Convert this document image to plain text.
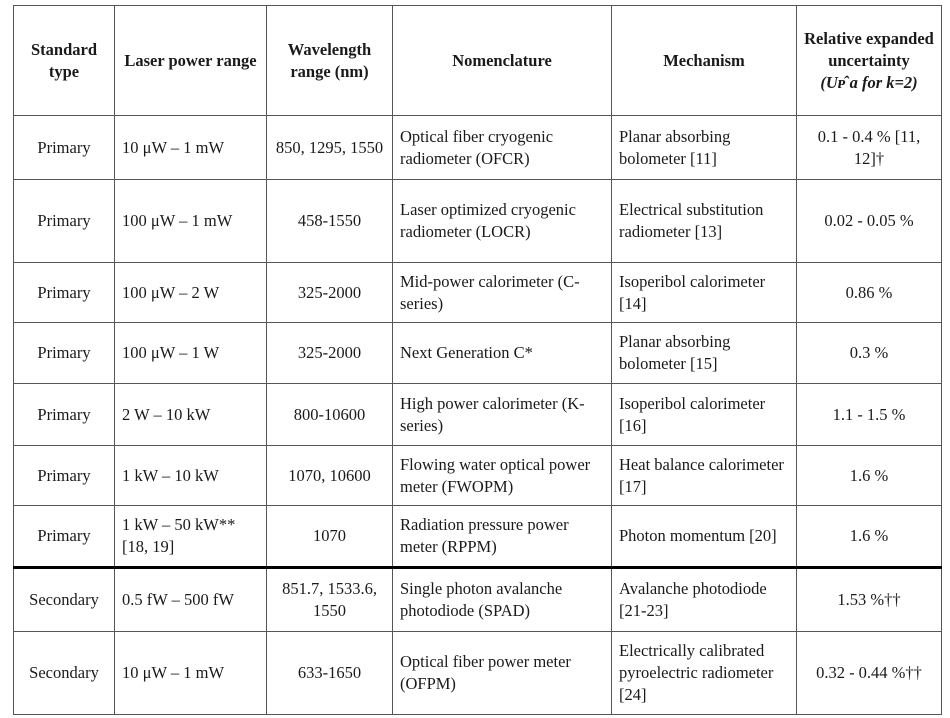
Standard type	Laser power range	Wavelength range (nm)	Nomenclature	Mechanism	Relative expanded uncertainty
(Uᴘ̂ a for k=2)

Primary	10 μW – 1 mW	850, 1295, 1550	Optical fiber cryogenic radiometer (OFCR)	Planar absorbing bolometer [11]	0.1 - 0.4 % [11, 12]†
Primary	100 μW – 1 mW	458-1550	Laser optimized cryogenic radiometer (LOCR)	Electrical substitution radiometer [13]	0.02 - 0.05 %
Primary	100 μW – 2 W	325-2000	Mid-power calorimeter (C-series)	Isoperibol calorimeter [14]	0.86 %
Primary	100 μW – 1 W	325-2000	Next Generation C*	Planar absorbing bolometer [15]	0.3 %
Primary	2 W – 10 kW	800-10600	High power calorimeter (K-series)	Isoperibol calorimeter [16]	1.1 - 1.5 %
Primary	1 kW – 10 kW	1070, 10600	Flowing water optical power meter (FWOPM)	Heat balance calorimeter [17]	1.6 %
Primary	1 kW – 50 kW** [18, 19]	1070	Radiation pressure power meter (RPPM)	Photon momentum [20]	1.6 %
Secondary	0.5 fW – 500 fW	851.7, 1533.6, 1550	Single photon avalanche photodiode (SPAD)	Avalanche photodiode [21-23]	1.53 %††
Secondary	10 μW – 1 mW	633-1650	Optical fiber power meter (OFPM)	Electrically calibrated pyroelectric radiometer [24]	0.32 - 0.44 %††
